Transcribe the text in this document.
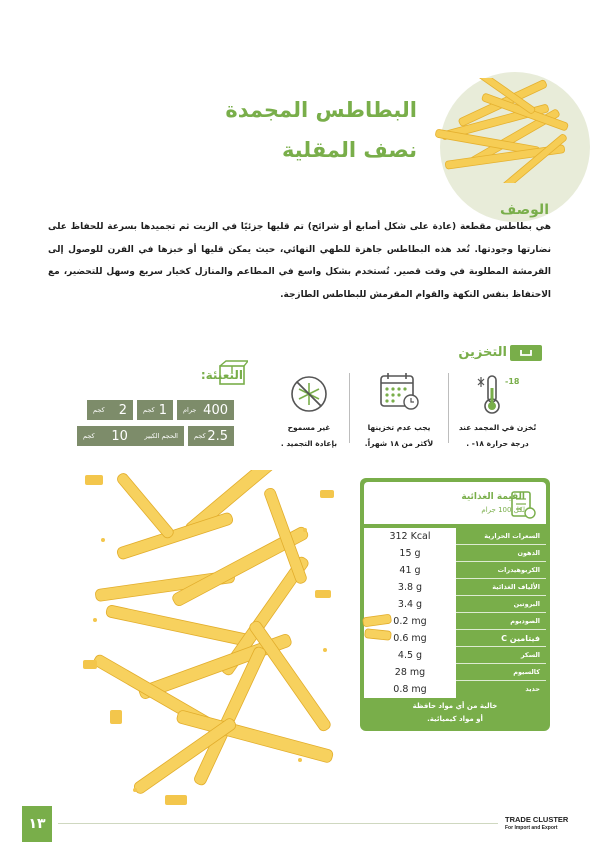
البطاطس المجمدة
نصف المقلية
الوصف

هي بطاطس مقطعة (عادة على شكل أصابع أو شرائح) تم قليها جزئيًا في الزيت ثم تجميدها بسرعة للحفاظ على نضارتها وجودتها. تُعد هذه البطاطس جاهزة للطهي النهائي، حيث يمكن قليها أو خبزها في الفرن للوصول إلى القرمشة المطلوبة في وقت قصير. تُستخدم بشكل واسع في المطاعم والمنازل كخيار سريع وسهل للتحضير، مع الاحتفاظ بنفس النكهة والقوام المقرمش للبطاطس الطازجة.

التخزين
-18
تُخزن في المجمد عند
درجة حرارة ١٨- .
يجب عدم تخزينها
لأكثر من ١٨ شهراً.
غير مسموح
بإعادة التجميد .
التعبئة:
400
جرام
1
كجم
2
كجم
2.5
كجم
الحجم الكبير
10
كجم
القيمة الغذائية
لكل 100 جرام
312 Kcal	السعرات الحرارية
15 g	الدهون
41 g	الكربوهيدرات
3.8 g	الألياف الغذائية
3.4 g	البروتين
0.2 mg	الصوديوم
0.6 mg	فيتامين C
4.5 g	السكر
28 mg	كالسيوم
0.8 mg	حديد
خالية من أي مواد حافظة
أو مواد كيميائية.
١٣	TRADE CLUSTER
For Import and Export
